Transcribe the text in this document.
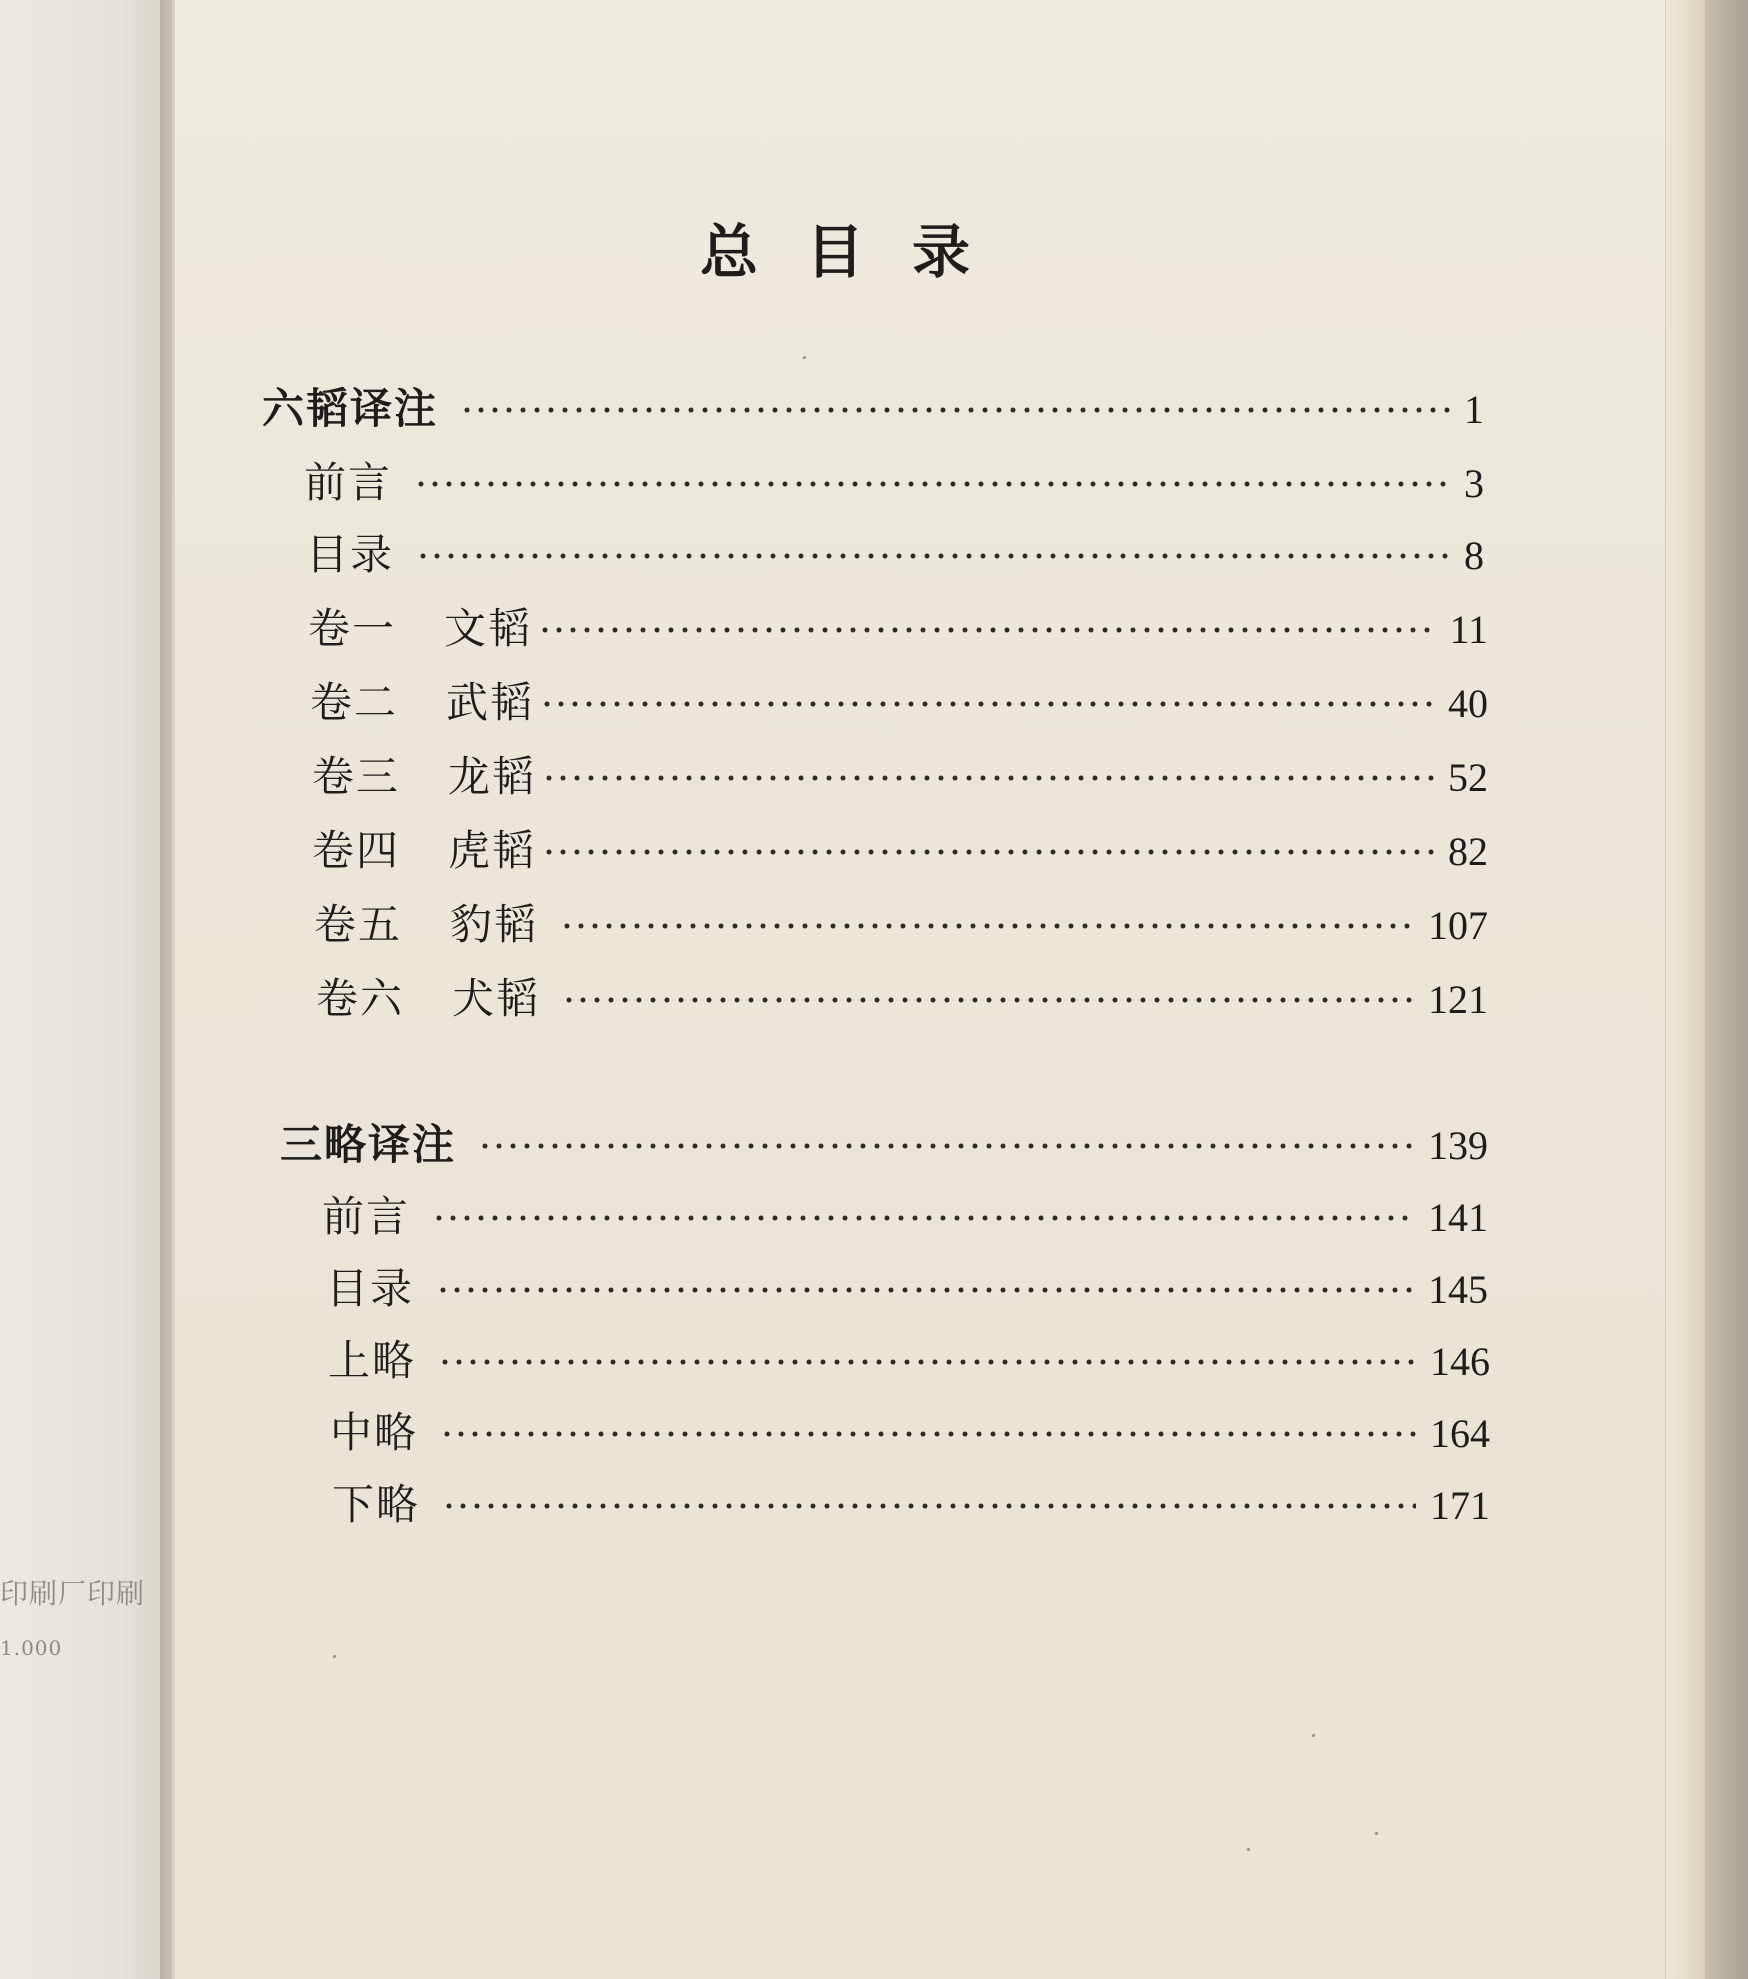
印刷厂印刷
1.000
总目录
六韬译注	1
前言	3
目录	8
卷一 文韬	11
卷二 武韬	40
卷三 龙韬	52
卷四 虎韬	82
卷五 豹韬	107
卷六 犬韬	121
三略译注	139
前言	141
目录	145
上略	146
中略	164
下略	171
